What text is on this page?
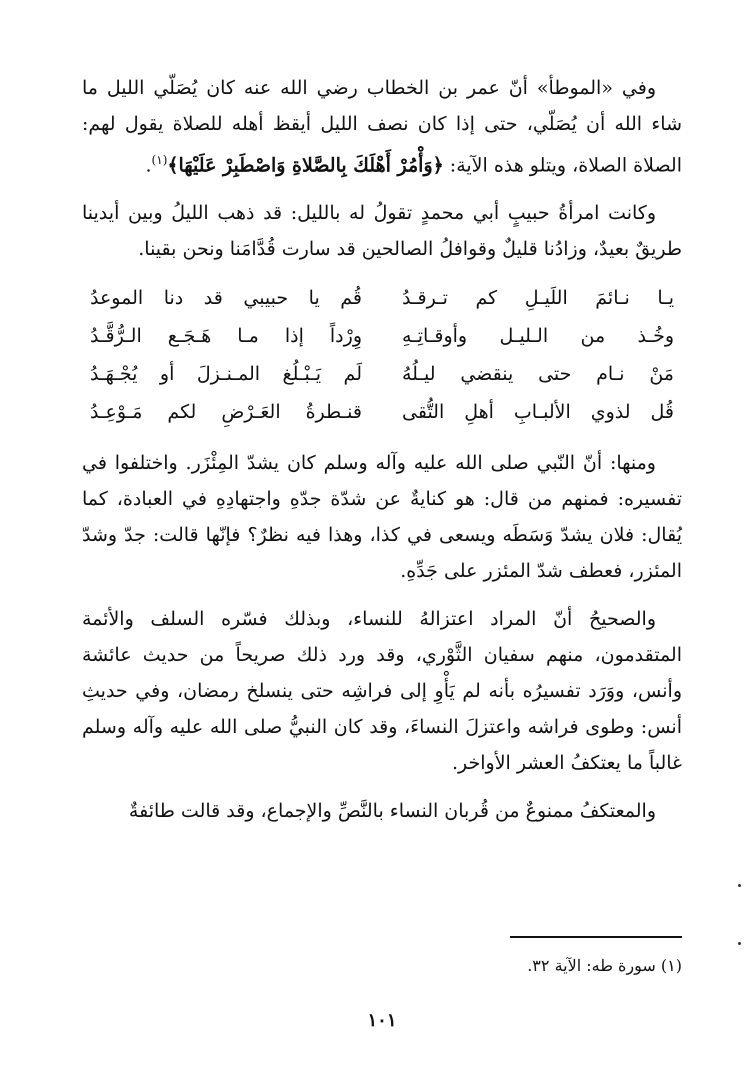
وفي «الموطأ» أنّ عمر بن الخطاب رضي الله عنه كان يُصَلّي الليل ما شاء الله أن يُصَلّي، حتى إذا كان نصف الليل أيقظ أهله للصلاة يقول لهم: الصلاة الصلاة، ويتلو هذه الآية: ﴿وَأْمُرْ أَهْلَكَ بِالصَّلاةِ وَاصْطَبِرْ عَلَيْهَا﴾$^{(١)}$.

وكانت امرأةُ حبيبٍ أبي محمدٍ تقولُ له بالليل: قد ذهب الليلُ وبين أيدينا طريقٌ بعيدٌ، وزادُنا قليلٌ وقوافلُ الصالحين قد سارت قُدَّامَنا ونحن بقينا.

يـا نـائمَ اللَيـلِ كم تـرقـدُ
قُم يا حبيبي قد دنا الموعدُ
وخُـذ من الـليـل وأوقـاتِـهِ
وِرْداً إذا مـا هَـجَـع الـرُّقَّـدُ
مَنْ نـام حتى ينقضي ليـلُهُ
لَم يَـبْـلُغ المـنـزلَ أو يُجْـهَـدُ
قُل لذوي الألبـابِ أهلِ التُّقى
قنـطرةُ العَـرْضِ لكم مَـوْعِـدُ

ومنها: أنّ النّبي صلى الله عليه وآله وسلم كان يشدّ المِئْزَر. واختلفوا في تفسيره: فمنهم من قال: هو كنايةٌ عن شدّة جدّهِ واجتهادِهِ في العبادة، كما يُقال: فلان يشدّ وَسَطَه ويسعى في كذا، وهذا فيه نظرٌ؟ فإنّها قالت: جدّ وشدّ المئزر، فعطف شدّ المئزر على جَدِّهِ.

والصحيحُ أنّ المراد اعتزالهُ للنساء، وبذلك فسّره السلف والأئمة المتقدمون، منهم سفيان الثَّوْري، وقد ورد ذلك صريحاً من حديث عائشة وأنس، ووَرَد تفسيرُه بأنه لم يَأْوِ إلى فراشِه حتى ينسلخ رمضان، وفي حديثِ أنس: وطوى فراشه واعتزلَ النساءَ، وقد كان النبيُّ صلى الله عليه وآله وسلم غالباً ما يعتكفُ العشر الأواخر.

والمعتكفُ ممنوعٌ من قُربان النساء بالنَّصِّ والإجماع، وقد قالت طائفةٌ

(١) سورة طه: الآية ٣٢.
١٠١
